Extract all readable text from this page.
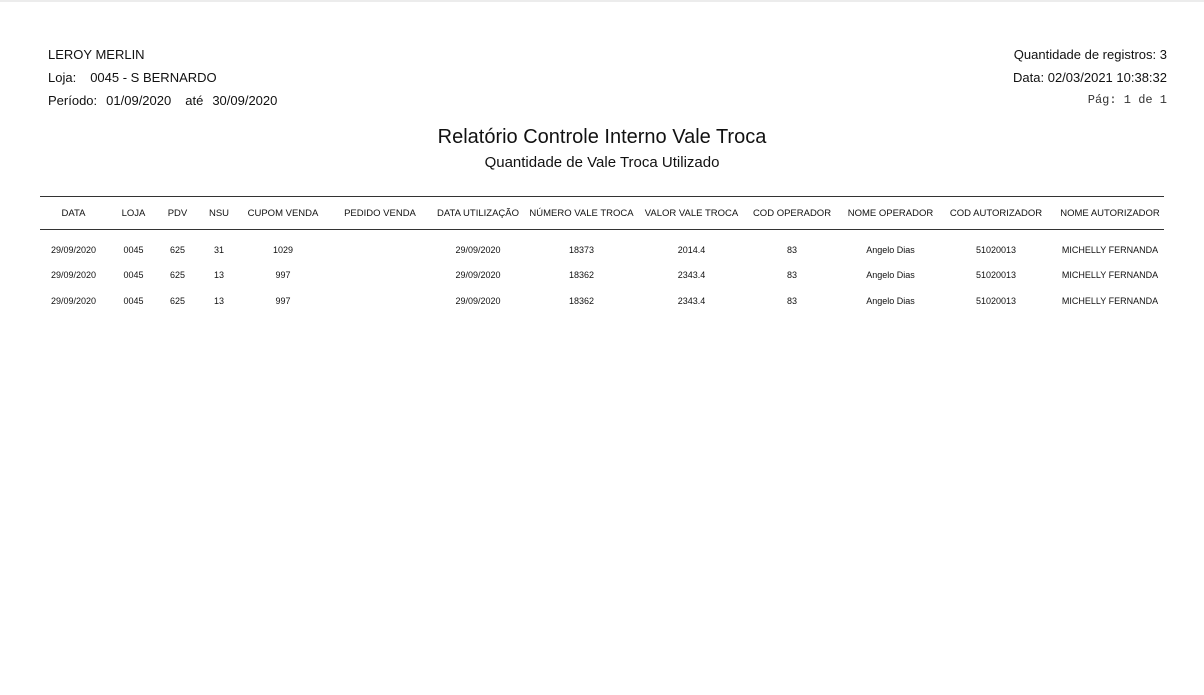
LEROY MERLIN
Loja: 0045 - S BERNARDO
Período: 01/09/2020 até 30/09/2020
Quantidade de registros: 3
Data: 02/03/2021 10:38:32
Pág: 1 de 1
Relatório Controle Interno Vale Troca
Quantidade de Vale Troca Utilizado
DATA	LOJA	PDV	NSU	CUPOM VENDA	PEDIDO VENDA	DATA UTILIZAÇÃO	NÚMERO VALE TROCA	VALOR VALE TROCA	COD OPERADOR	NOME OPERADOR	COD AUTORIZADOR	NOME AUTORIZADOR
29/09/2020	0045	625	31	1029		29/09/2020	18373	2014.4	83	Angelo Dias	51020013	MICHELLY FERNANDA
29/09/2020	0045	625	13	997		29/09/2020	18362	2343.4	83	Angelo Dias	51020013	MICHELLY FERNANDA
29/09/2020	0045	625	13	997		29/09/2020	18362	2343.4	83	Angelo Dias	51020013	MICHELLY FERNANDA
